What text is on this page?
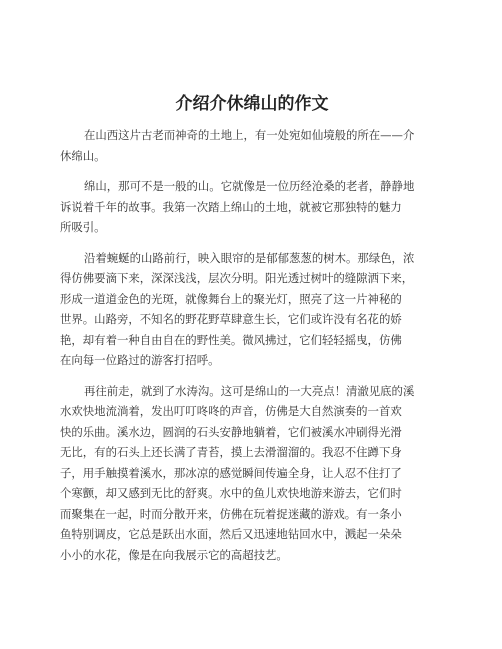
介绍介休绵山的作文

在山西这片古老而神奇的土地上，有一处宛如仙境般的所在——介
休绵山。

绵山，那可不是一般的山。它就像是一位历经沧桑的老者，静静地
诉说着千年的故事。我第一次踏上绵山的土地，就被它那独特的魅力
所吸引。

沿着蜿蜒的山路前行，映入眼帘的是郁郁葱葱的树木。那绿色，浓
得仿佛要滴下来，深深浅浅，层次分明。阳光透过树叶的缝隙洒下来，
形成一道道金色的光斑，就像舞台上的聚光灯，照亮了这一片神秘的
世界。山路旁，不知名的野花野草肆意生长，它们或许没有名花的娇
艳，却有着一种自由自在的野性美。微风拂过，它们轻轻摇曳，仿佛
在向每一位路过的游客打招呼。

再往前走，就到了水涛沟。这可是绵山的一大亮点！清澈见底的溪
水欢快地流淌着，发出叮叮咚咚的声音，仿佛是大自然演奏的一首欢
快的乐曲。溪水边，圆润的石头安静地躺着，它们被溪水冲刷得光滑
无比，有的石头上还长满了青苔，摸上去滑溜溜的。我忍不住蹲下身
子，用手触摸着溪水，那冰凉的感觉瞬间传遍全身，让人忍不住打了
个寒颤，却又感到无比的舒爽。水中的鱼儿欢快地游来游去，它们时
而聚集在一起，时而分散开来，仿佛在玩着捉迷藏的游戏。有一条小
鱼特别调皮，它总是跃出水面，然后又迅速地钻回水中，溅起一朵朵
小小的水花，像是在向我展示它的高超技艺。
